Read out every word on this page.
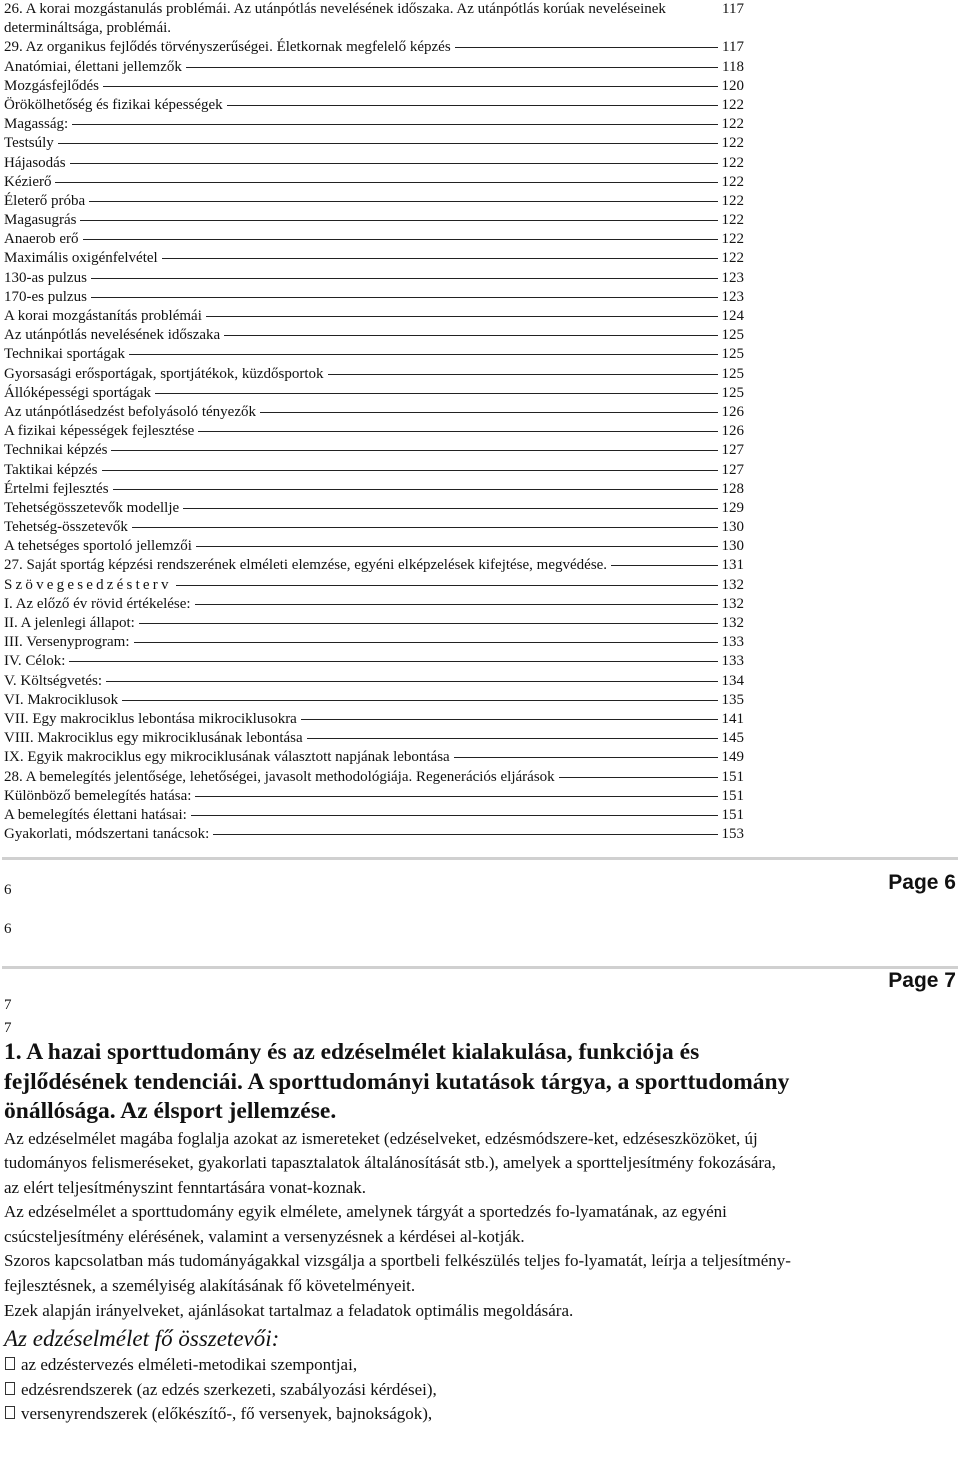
26. A korai mozgástanulás problémái. Az utánpótlás nevelésének időszaka. Az utánpótlás korúak neveléseinek determináltsága, problémái.
117
29. Az organikus fejlődés törvényszerűségei. Életkornak megfelelő képzés	117
Anatómiai, élettani jellemzők	118
Mozgásfejlődés	120
Örökölhetőség és fizikai képességek	122
Magasság:	122
Testsúly	122
Hájasodás	122
Kézierő	122
Életerő próba	122
Magasugrás	122
Anaerob erő	122
Maximális oxigénfelvétel	122
130-as pulzus	123
170-es pulzus	123
A korai mozgástanítás problémái	124
Az utánpótlás nevelésének időszaka	125
Technikai sportágak	125
Gyorsasági erősportágak, sportjátékok, küzdősportok	125
Állóképességi sportágak	125
Az utánpótlásedzést befolyásoló tényezők	126
A fizikai képességek fejlesztése	126
Technikai képzés	127
Taktikai képzés	127
Értelmi fejlesztés	128
Tehetségösszetevők modellje	129
Tehetség-összetevők	130
A tehetséges sportoló jellemzői	130
27. Saját sportág képzési rendszerének elméleti elemzése, egyéni elképzelések kifejtése, megvédése.	131
Szövegesedzésterv	132
I. Az előző év rövid értékelése:	132
II. A jelenlegi állapot:	132
III. Versenyprogram:	133
IV. Célok:	133
V. Költségvetés:	134
VI. Makrociklusok	135
VII. Egy makrociklus lebontása mikrociklusokra	141
VIII. Makrociklus egy mikrociklusának lebontása	145
IX. Egyik makrociklus egy mikrociklusának választott napjának lebontása	149
28. A bemelegítés jelentősége, lehetőségei, javasolt methodológiája. Regenerációs eljárások	151
Különböző bemelegítés hatása:	151
A bemelegítés élettani hatásai:	151
Gyakorlati, módszertani tanácsok:	153
Page 6
6
6
Page 7
7
7

1. A hazai sporttudomány és az edzéselmélet kialakulása, funkciója és fejlődésének tendenciái. A sporttudományi kutatások tárgya, a sporttudomány önállósága. Az élsport jellemzése.

Az edzéselmélet magába foglalja azokat az ismereteket (edzéselveket, edzésmódszere-ket, edzéseszközöket, új tudományos felismeréseket, gyakorlati tapasztalatok általánosítását stb.), amelyek a sportteljesítmény fokozására, az elért teljesítményszint fenntartására vonat-koznak.

Az edzéselmélet a sporttudomány egyik elmélete, amelynek tárgyát a sportedzés fo-lyamatának, az egyéni csúcsteljesítmény elérésének, valamint a versenyzésnek a kérdései al-kotják.

Szoros kapcsolatban más tudományágakkal vizsgálja a sportbeli felkészülés teljes fo-lyamatát, leírja a teljesítmény-fejlesztésnek, a személyiség alakításának fő követelményeit.

Ezek alapján irányelveket, ajánlásokat tartalmaz a feladatok optimális megoldására.

Az edzéselmélet fő összetevői:

az edzéstervezés elméleti-metodikai szempontjai,
edzésrendszerek (az edzés szerkezeti, szabályozási kérdései),
versenyrendszerek (előkészítő-, fő versenyek, bajnokságok),
